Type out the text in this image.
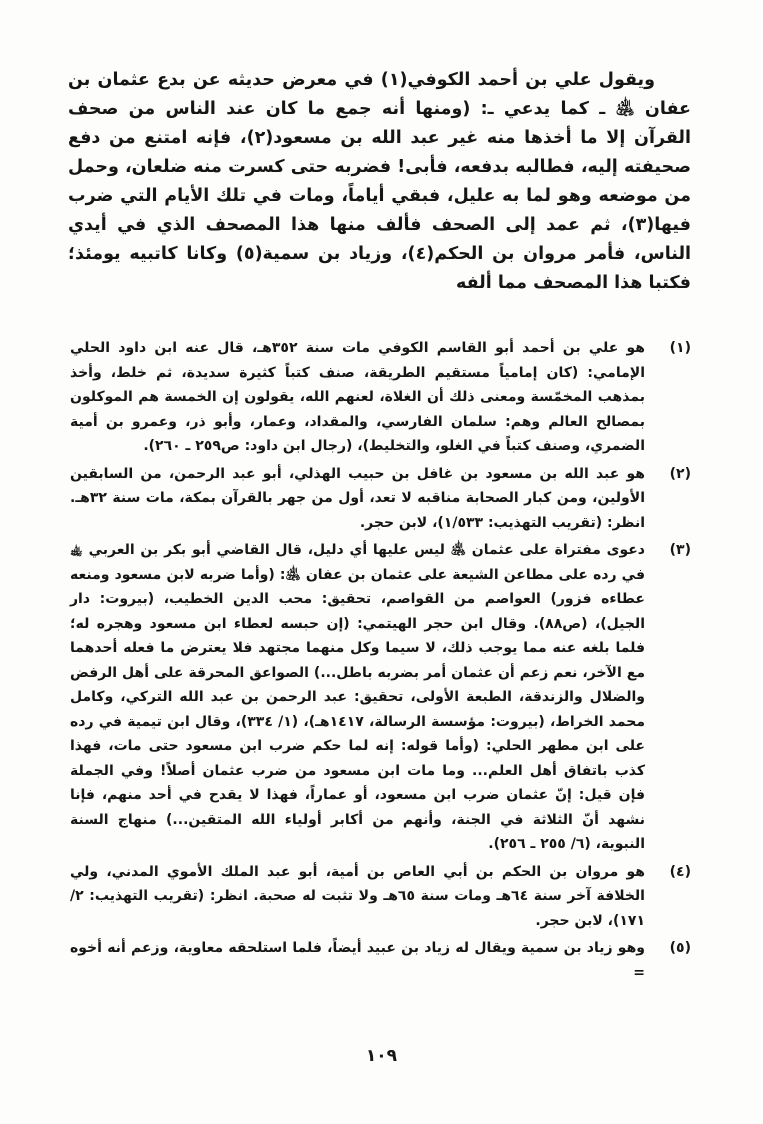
ويقول علي بن أحمد الكوفي(١) في معرض حديثه عن بدع عثمان بن عفان ﵁ ـ كما يدعي ـ: (ومنها أنه جمع ما كان عند الناس من صحف القرآن إلا ما أخذها منه غير عبد الله بن مسعود(٢)، فإنه امتنع من دفع صحيفته إليه، فطالبه بدفعه، فأبى! فضربه حتى كسرت منه ضلعان، وحمل من موضعه وهو لما به عليل، فبقي أياماً، ومات في تلك الأيام التي ضرب فيها(٣)، ثم عمد إلى الصحف فألف منها هذا المصحف الذي في أيدي الناس، فأمر مروان بن الحكم(٤)، وزياد بن سمية(٥) وكانا كاتبيه يومئذ؛ فكتبا هذا المصحف مما ألفه

(١)
هو علي بن أحمد أبو القاسم الكوفي مات سنة ٣٥٢هـ، قال عنه ابن داود الحلي الإمامي: (كان إمامياً مستقيم الطريقة، صنف كتباً كثيرة سديدة، ثم خلط، وأخذ بمذهب المخمّسة ومعنى ذلك أن الغلاة، لعنهم الله، يقولون إن الخمسة هم الموكلون بمصالح العالم وهم: سلمان الفارسي، والمقداد، وعمار، وأبو ذر، وعمرو بن أمية الضمري، وصنف كتباً في الغلو، والتخليط)، (رجال ابن داود: ص٢٥٩ ـ ٢٦٠).
(٢)
هو عبد الله بن مسعود بن غافل بن حبيب الهذلي، أبو عبد الرحمن، من السابقين الأولين، ومن كبار الصحابة مناقبه لا تعد، أول من جهر بالقرآن بمكة، مات سنة ٣٢هـ. انظر: (تقريب التهذيب: ١/٥٣٣)، لابن حجر.
(٣)
دعوى مفتراة على عثمان ﵁ ليس عليها أي دليل، قال القاضي أبو بكر بن العربي ﵀ في رده على مطاعن الشيعة على عثمان بن عفان ﵁: (وأما ضربه لابن مسعود ومنعه عطاءه فزور) العواصم من القواصم، تحقيق: محب الدين الخطيب، (بيروت: دار الجيل)، (ص٨٨). وقال ابن حجر الهيتمي: (إن حبسه لعطاء ابن مسعود وهجره له؛ فلما بلغه عنه مما يوجب ذلك، لا سيما وكل منهما مجتهد فلا يعترض ما فعله أحدهما مع الآخر، نعم زعم أن عثمان أمر بضربه باطل...) الصواعق المحرقة على أهل الرفض والضلال والزندقة، الطبعة الأولى، تحقيق: عبد الرحمن بن عبد الله التركي، وكامل محمد الخراط، (بيروت: مؤسسة الرسالة، ١٤١٧هـ)، (١/ ٣٣٤)، وقال ابن تيمية في رده على ابن مطهر الحلي: (وأما قوله: إنه لما حكم ضرب ابن مسعود حتى مات، فهذا كذب باتفاق أهل العلم... وما مات ابن مسعود من ضرب عثمان أصلاً! وفي الجملة فإن قيل: إنّ عثمان ضرب ابن مسعود، أو عماراً، فهذا لا يقدح في أحد منهم، فإنا نشهد أنّ الثلاثة في الجنة، وأنهم من أكابر أولياء الله المتقين...) منهاج السنة النبوية، (٦/ ٢٥٥ ـ ٢٥٦).
(٤)
هو مروان بن الحكم بن أبي العاص بن أمية، أبو عبد الملك الأموي المدني، ولي الخلافة آخر سنة ٦٤هـ ومات سنة ٦٥هـ ولا تثبت له صحبة. انظر: (تقريب التهذيب: ٢/ ١٧١)، لابن حجر.
(٥)
وهو زياد بن سمية ويقال له زياد بن عبيد أيضاً، فلما استلحقه معاوية، وزعم أنه أخوه =
١٠٩
